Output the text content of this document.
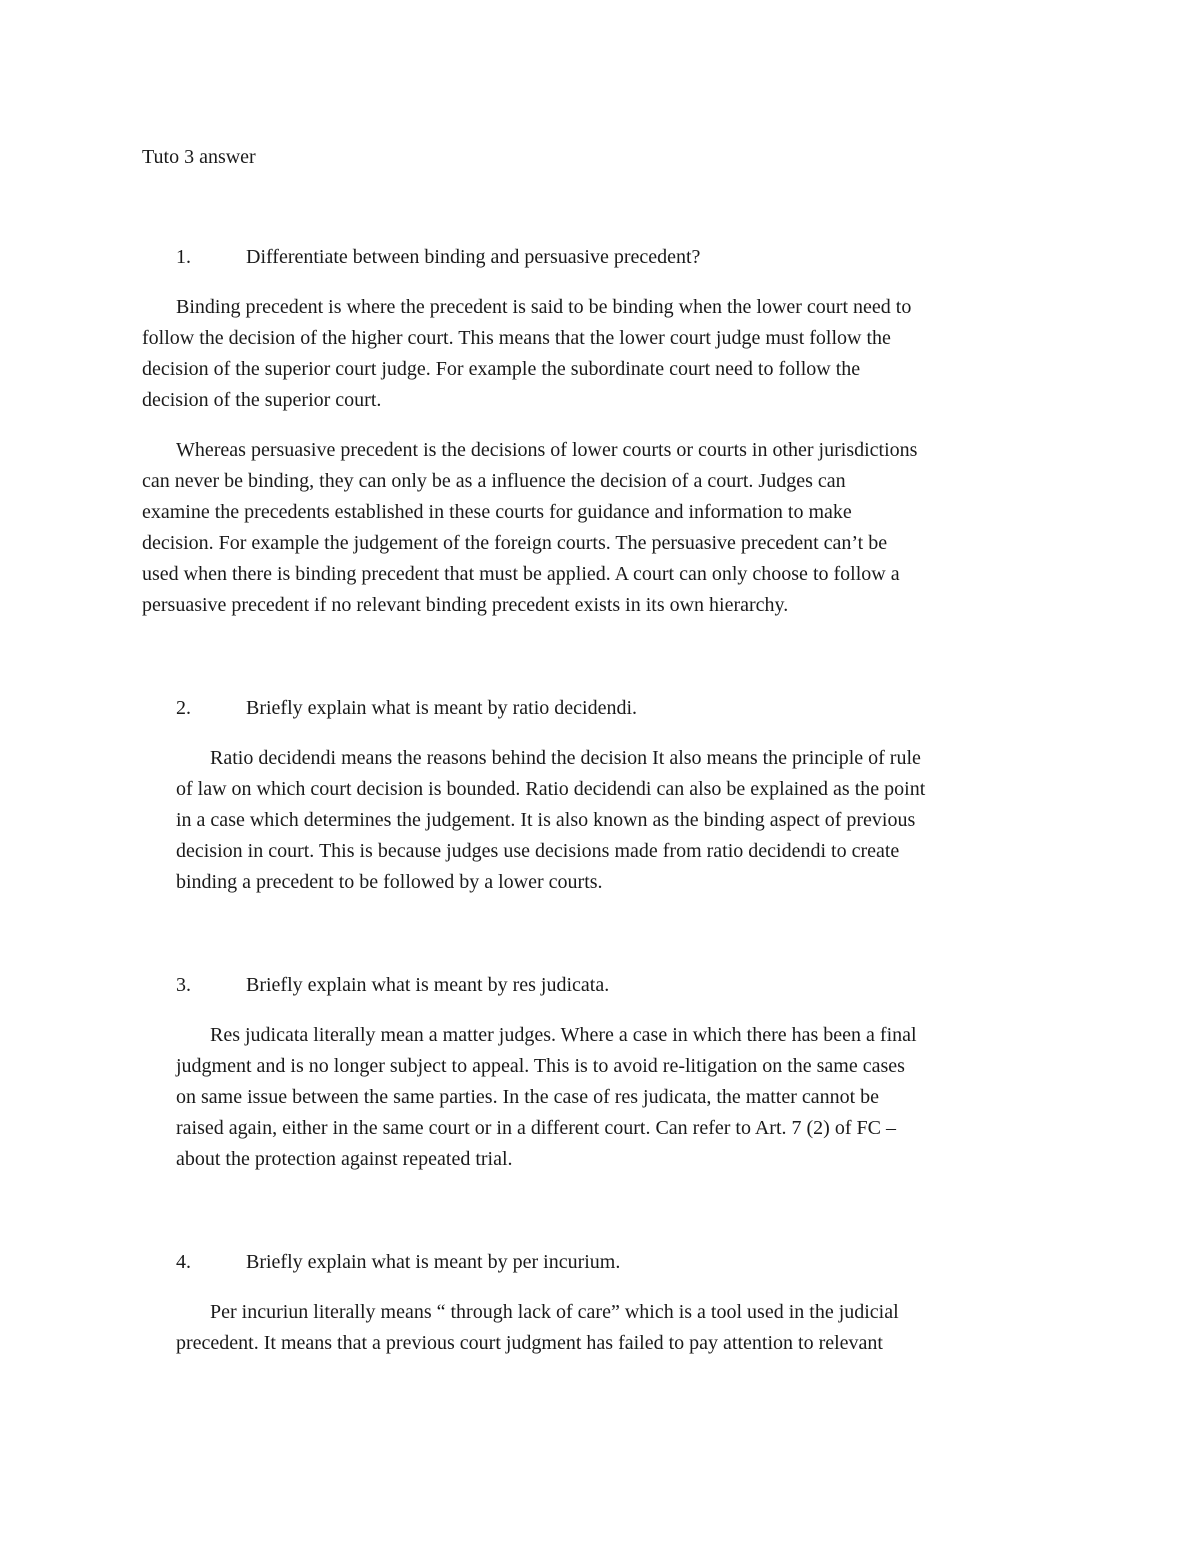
Tuto 3 answer

1.	Differentiate between binding and persuasive precedent?

Binding precedent is where the precedent is said to be binding when the lower court need to
follow the decision of the higher court. This means that the lower court judge must follow the
decision of the superior court judge. For example the subordinate court need to follow the
decision of the superior court.
Whereas persuasive precedent is the decisions of lower courts or courts in other jurisdictions
can never be binding, they can only be as a influence the decision of a court. Judges can
examine the precedents established in these courts for guidance and information to make
decision. For example the judgement of the foreign courts. The persuasive precedent can’t be
used when there is binding precedent that must be applied. A court can only choose to follow a
persuasive precedent if no relevant binding precedent exists in its own hierarchy.

2.	Briefly explain what is meant by ratio decidendi.

Ratio decidendi means the reasons behind the decision It also means the principle of rule
of law on which court decision is bounded. Ratio decidendi can also be explained as the point
in a case which determines the judgement. It is also known as the binding aspect of previous
decision in court. This is because judges use decisions made from ratio decidendi to create
binding a precedent to be followed by a lower courts.

3.	Briefly explain what is meant by res judicata.

Res judicata literally mean a matter judges. Where a case in which there has been a final
judgment and is no longer subject to appeal. This is to avoid re-litigation on the same cases
on same issue between the same parties. In the case of res judicata, the matter cannot be
raised again, either in the same court or in a different court. Can refer to Art. 7 (2) of FC –
about the protection against repeated trial.

4.	Briefly explain what is meant by per incurium.

Per incuriun literally means “ through lack of care” which is a tool used in the judicial
precedent. It means that a previous court judgment has failed to pay attention to relevant
